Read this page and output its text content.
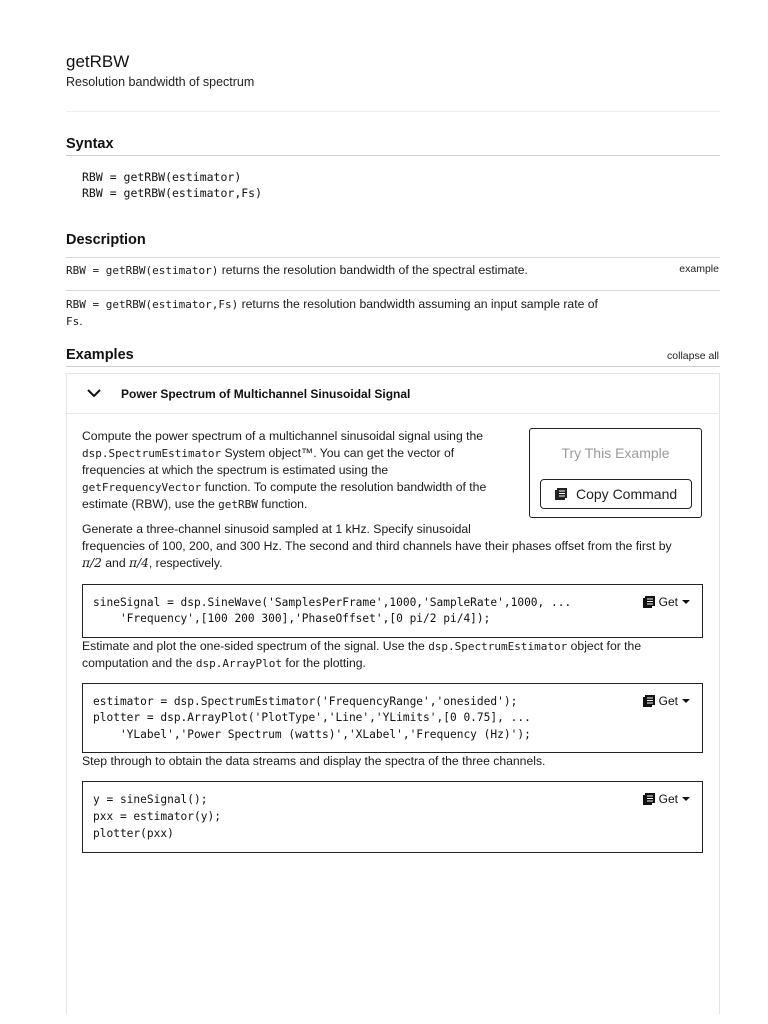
getRBW
Resolution bandwidth of spectrum
Syntax
RBW = getRBW(estimator)
RBW = getRBW(estimator,Fs)
Description
RBW = getRBW(estimator) returns the resolution bandwidth of the spectral estimate.	example
RBW = getRBW(estimator,Fs) returns the resolution bandwidth assuming an input sample rate of
Fs.
Examples	collapse all
Power Spectrum of Multichannel Sinusoidal Signal
Compute the power spectrum of a multichannel sinusoidal signal using the
dsp.SpectrumEstimator System object™. You can get the vector of
frequencies at which the spectrum is estimated using the
getFrequencyVector function. To compute the resolution bandwidth of the
estimate (RBW), use the getRBW function.
Try This Example
Copy Command
Generate a three-channel sinusoid sampled at 1 kHz. Specify sinusoidal
frequencies of 100, 200, and 300 Hz. The second and third channels have their phases offset from the first by
π/2 and π/4, respectively.
sineSignal = dsp.SineWave('SamplesPerFrame',1000,'SampleRate',1000, ...
'Frequency',[100 200 300],'PhaseOffset',[0 pi/2 pi/4]);
Get
Estimate and plot the one-sided spectrum of the signal. Use the dsp.SpectrumEstimator object for the
computation and the dsp.ArrayPlot for the plotting.
estimator = dsp.SpectrumEstimator('FrequencyRange','onesided');
plotter = dsp.ArrayPlot('PlotType','Line','YLimits',[0 0.75], ...
'YLabel','Power Spectrum (watts)','XLabel','Frequency (Hz)');
Get
Step through to obtain the data streams and display the spectra of the three channels.
y = sineSignal();
pxx = estimator(y);
plotter(pxx)
Get
